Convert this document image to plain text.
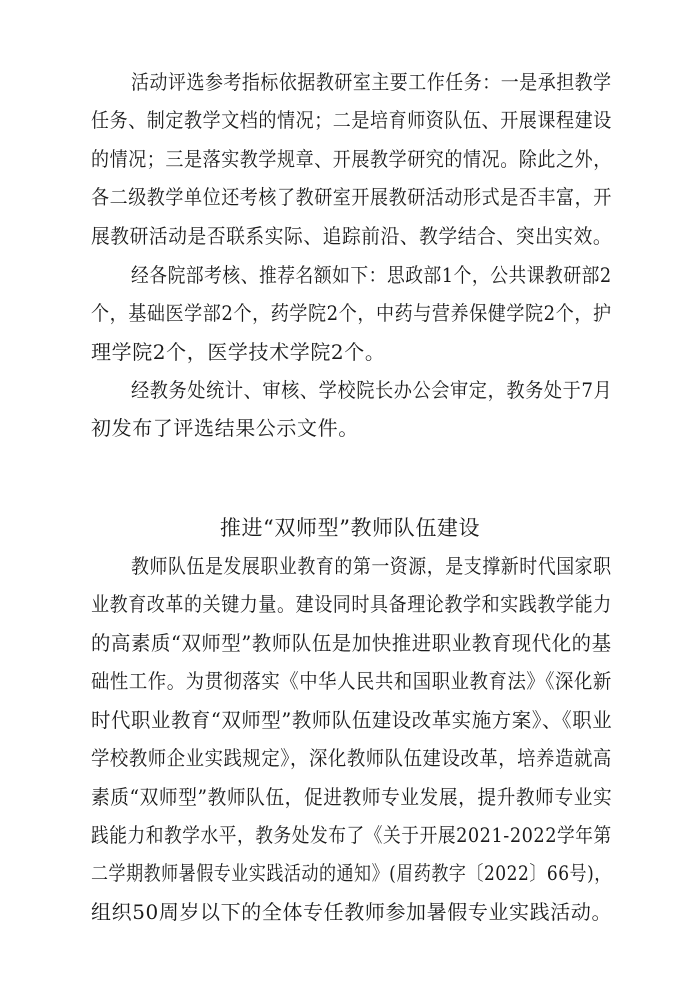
活动评选参考指标依据教研室主要工作任务：一是承担教学
任务、制定教学文档的情况；二是培育师资队伍、开展课程建设
的情况；三是落实教学规章、开展教学研究的情况。除此之外，
各二级教学单位还考核了教研室开展教研活动形式是否丰富，开
展教研活动是否联系实际、追踪前沿、教学结合、突出实效。
经各院部考核、推荐名额如下：思政部1个，公共课教研部2
个，基础医学部2个，药学院2个，中药与营养保健学院2个，护
理学院2个，医学技术学院2个。
经教务处统计、审核、学校院长办公会审定，教务处于7月
初发布了评选结果公示文件。
推进“双师型”教师队伍建设
教师队伍是发展职业教育的第一资源，是支撑新时代国家职
业教育改革的关键力量。建设同时具备理论教学和实践教学能力
的高素质“双师型”教师队伍是加快推进职业教育现代化的基
础性工作。为贯彻落实《中华人民共和国职业教育法》《深化新
时代职业教育“双师型”教师队伍建设改革实施方案》、《职业
学校教师企业实践规定》，深化教师队伍建设改革，培养造就高
素质“双师型”教师队伍，促进教师专业发展，提升教师专业实
践能力和教学水平，教务处发布了《关于开展2021-2022学年第
二学期教师暑假专业实践活动的通知》(眉药教字〔2022〕66号)，
组织50周岁以下的全体专任教师参加暑假专业实践活动。
